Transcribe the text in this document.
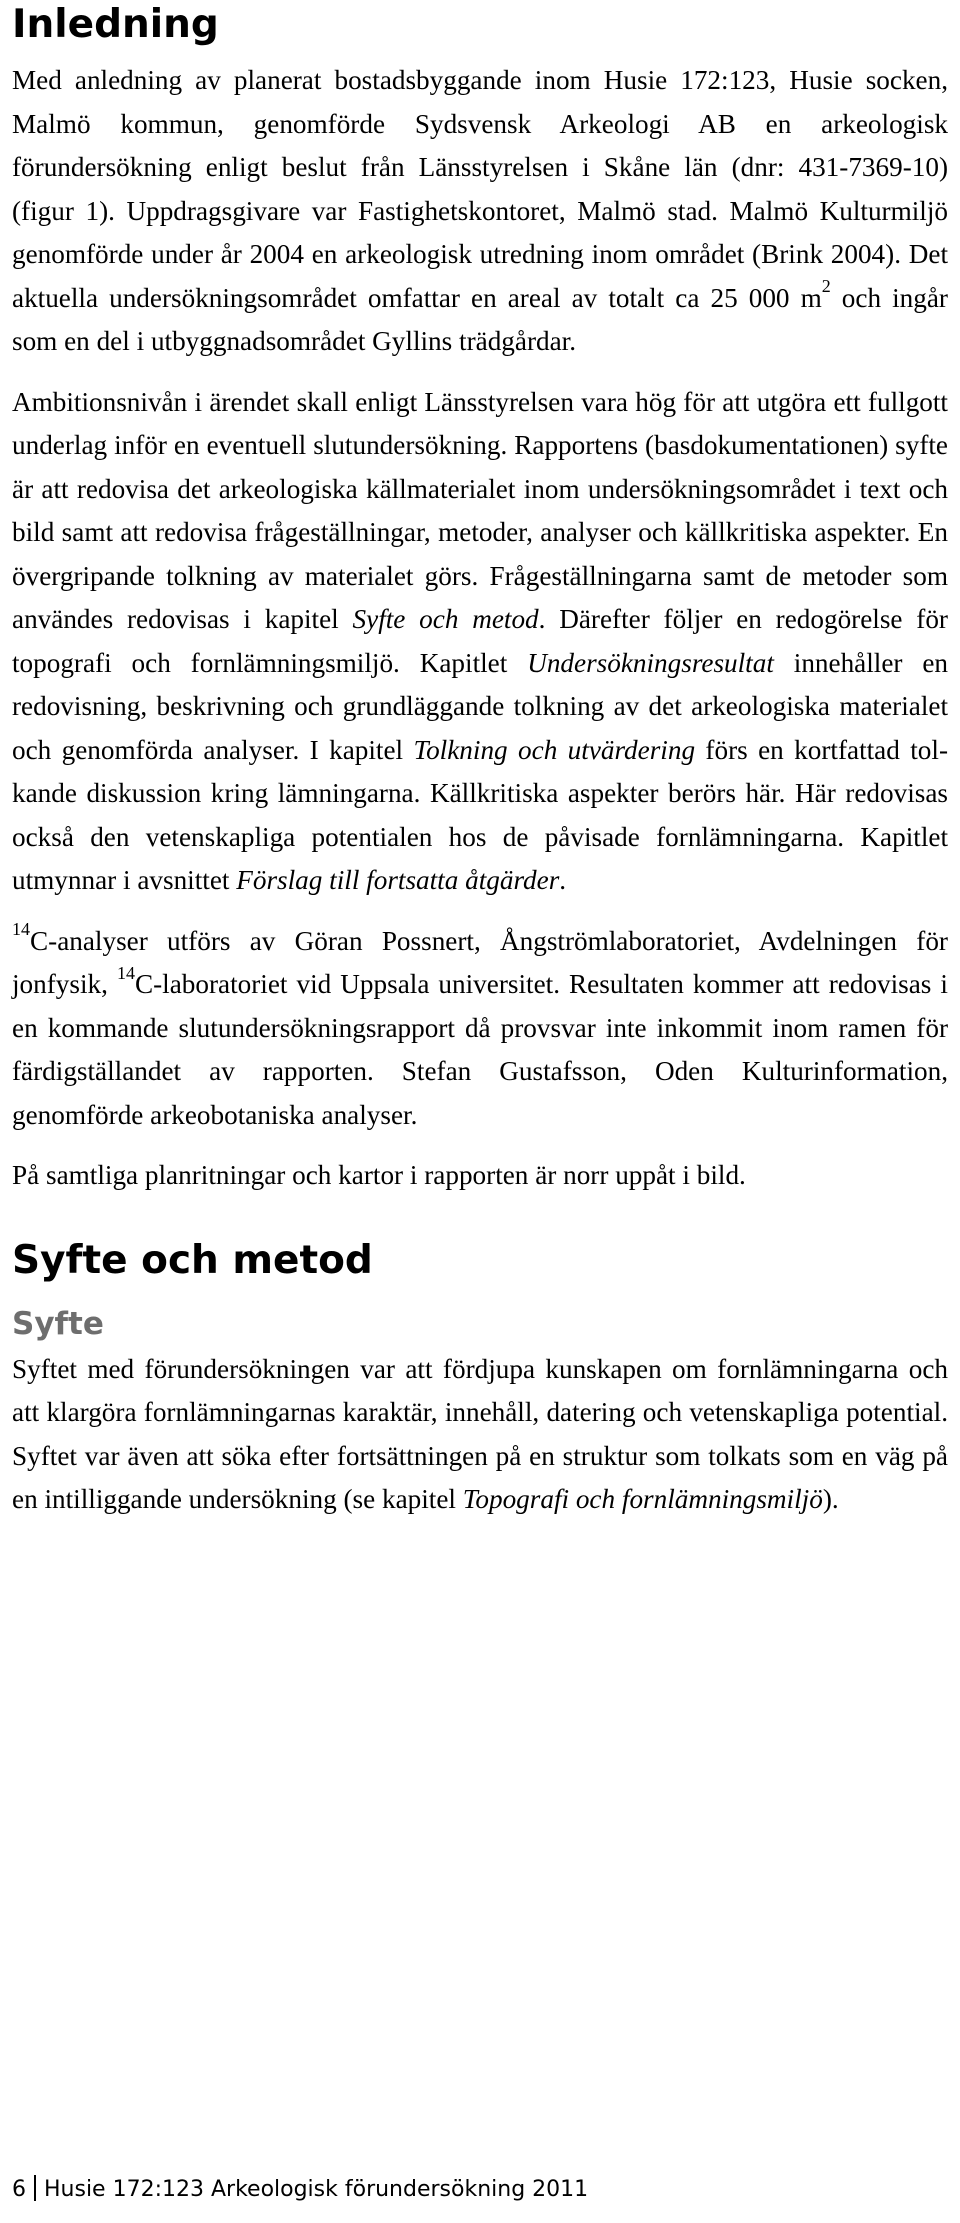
Inledning

Med anledning av planerat bostadsbyggande inom Husie 172:123, Husie socken, Malmö kommun, genomförde Sydsvensk Arkeologi AB en arkeologisk förundersökning enligt beslut från Länsstyrelsen i Skåne län (dnr: 431-7369-10) (figur 1). Uppdragsgivare var Fastighetskontoret, Malmö stad. Malmö Kulturmiljö genomförde under år 2004 en arkeologisk utredning inom området (Brink 2004). Det aktuella undersökningsområdet omfattar en areal av totalt ca 25 000 $m^2$ och ingår som en del i utbyggnadsområdet Gyllins trädgårdar.

Ambitionsnivån i ärendet skall enligt Länsstyrelsen vara hög för att utgöra ett fullgott underlag inför en eventuell slutundersökning. Rapportens (basdokumentationen) syfte är att redovisa det arkeologiska källmaterialet inom undersökningsområdet i text och bild samt att redovisa frågeställningar, metoder, analyser och källkritiska aspekter. En övergripande tolkning av materialet görs. Frågeställningarna samt de metoder som användes redovisas i kapitel Syfte och metod. Därefter följer en redogörelse för topografi och fornlämningsmiljö. Kapitlet Undersökningsresultat innehåller en redovisning, beskrivning och grundläggande tolkning av det arkeologiska materialet och genomförda analyser. I kapitel Tolkning och utvärdering förs en kortfattad tolkande diskussion kring lämningarna. Källkritiska aspekter berörs här. Här redovisas också den vetenskapliga potentialen hos de påvisade fornlämningarna. Kapitlet utmynnar i avsnittet Förslag till fortsatta åtgärder.

$^{14}$C-analyser utförs av Göran Possnert, Ångströmlaboratoriet, Avdelningen för jonfysik, $^{14}$C-laboratoriet vid Uppsala universitet. Resultaten kommer att redovisas i en kommande slutundersökningsrapport då provsvar inte inkommit inom ramen för färdigställandet av rapporten. Stefan Gustafsson, Oden Kulturinformation, genomförde arkeobotaniska analyser.

På samtliga planritningar och kartor i rapporten är norr uppåt i bild.

Syfte och metod
Syfte

Syftet med förundersökningen var att fördjupa kunskapen om fornlämningarna och att klargöra fornlämningarnas karaktär, innehåll, datering och vetenskapliga potential. Syftet var även att söka efter fortsättningen på en struktur som tolkats som en väg på en intilliggande undersökning (se kapitel Topografi och fornlämningsmiljö).

6 Husie 172:123 Arkeologisk förundersökning 2011
